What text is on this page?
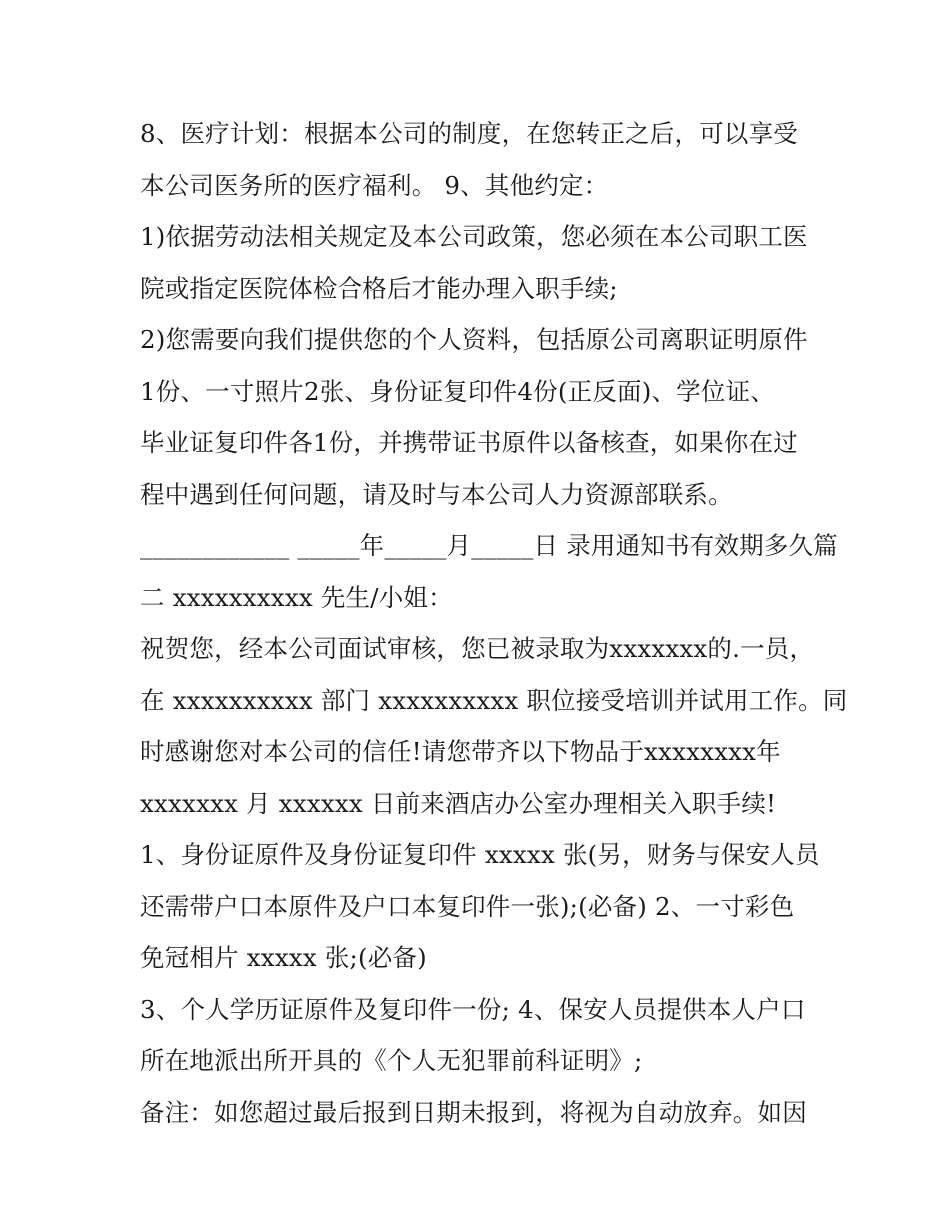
8、医疗计划：根据本公司的制度，在您转正之后，可以享受
本公司医务所的医疗福利。 9、其他约定：
1)依据劳动法相关规定及本公司政策，您必须在本公司职工医
院或指定医院体检合格后才能办理入职手续;
2)您需要向我们提供您的个人资料，包括原公司离职证明原件
1份、一寸照片2张、身份证复印件4份(正反面)、学位证、
毕业证复印件各1份，并携带证书原件以备核查，如果你在过
程中遇到任何问题，请及时与本公司人力资源部联系。
____________ _____年_____月_____日 录用通知书有效期多久篇
二 xxxxxxxxxx 先生/小姐：
祝贺您，经本公司面试审核，您已被录取为xxxxxxx的.一员，
在 xxxxxxxxxx 部门 xxxxxxxxxx 职位接受培训并试用工作。同
时感谢您对本公司的信任!请您带齐以下物品于xxxxxxxx年
xxxxxxx 月 xxxxxx 日前来酒店办公室办理相关入职手续!
1、身份证原件及身份证复印件 xxxxx 张(另，财务与保安人员
还需带户口本原件及户口本复印件一张);(必备) 2、一寸彩色
免冠相片 xxxxx 张;(必备)
3、个人学历证原件及复印件一份; 4、保安人员提供本人户口
所在地派出所开具的《个人无犯罪前科证明》;
备注：如您超过最后报到日期未报到，将视为自动放弃。如因
